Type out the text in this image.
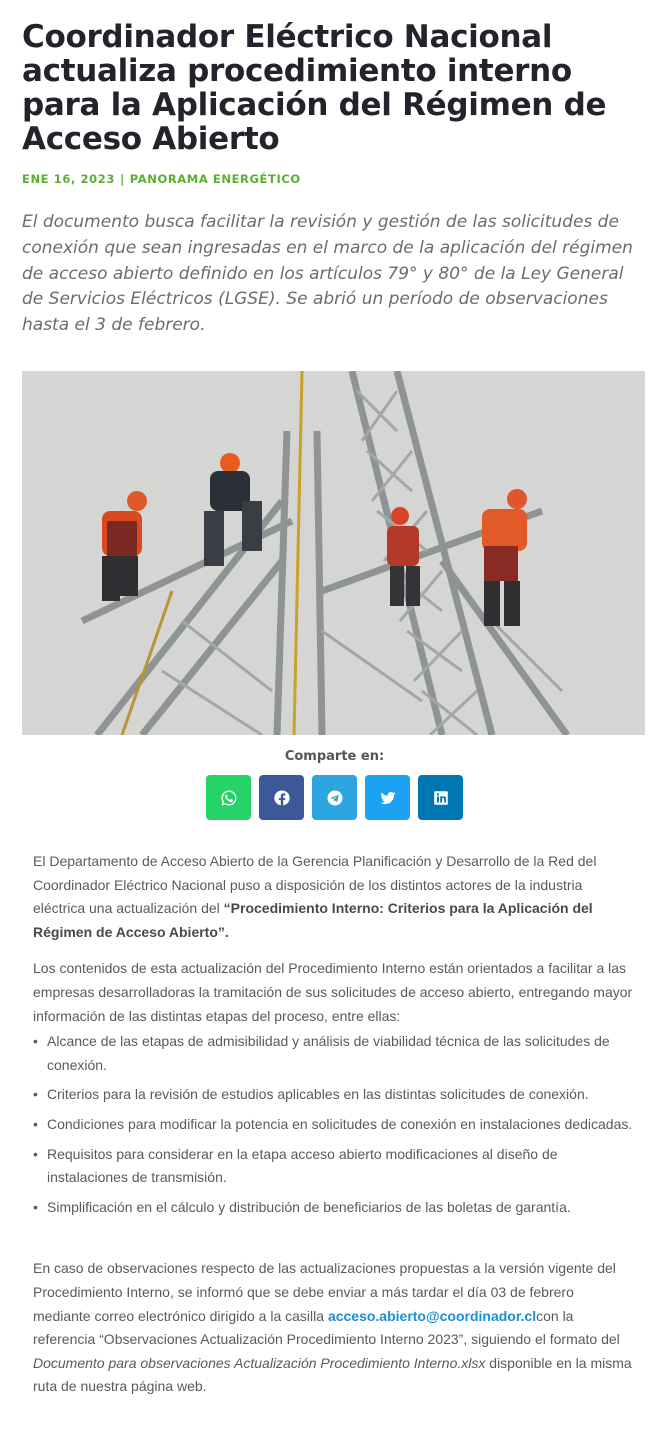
Coordinador Eléctrico Nacional actualiza procedimiento interno para la Aplicación del Régimen de Acceso Abierto
ENE 16, 2023 | PANORAMA ENERGÉTICO

El documento busca facilitar la revisión y gestión de las solicitudes de conexión que sean ingresadas en el marco de la aplicación del régimen de acceso abierto definido en los artículos 79° y 80° de la Ley General de Servicios Eléctricos (LGSE). Se abrió un período de observaciones hasta el 3 de febrero.

Comparte en:

El Departamento de Acceso Abierto de la Gerencia Planificación y Desarrollo de la Red del Coordinador Eléctrico Nacional puso a disposición de los distintos actores de la industria eléctrica una actualización del “Procedimiento Interno: Criterios para la Aplicación del Régimen de Acceso Abierto”.

Los contenidos de esta actualización del Procedimiento Interno están orientados a facilitar a las empresas desarrolladoras la tramitación de sus solicitudes de acceso abierto, entregando mayor información de las distintas etapas del proceso, entre ellas:

• Alcance de las etapas de admisibilidad y análisis de viabilidad técnica de las solicitudes de conexión.
• Criterios para la revisión de estudios aplicables en las distintas solicitudes de conexión.
• Condiciones para modificar la potencia en solicitudes de conexión en instalaciones dedicadas.
• Requisitos para considerar en la etapa acceso abierto modificaciones al diseño de instalaciones de transmisión.
• Simplificación en el cálculo y distribución de beneficiarios de las boletas de garantía.

En caso de observaciones respecto de las actualizaciones propuestas a la versión vigente del Procedimiento Interno, se informó que se debe enviar a más tardar el día 03 de febrero mediante correo electrónico dirigido a la casilla acceso.abierto@coordinador.clcon la referencia “Observaciones Actualización Procedimiento Interno 2023”, siguiendo el formato del Documento para observaciones Actualización Procedimiento Interno.xlsx disponible en la misma ruta de nuestra página web.
